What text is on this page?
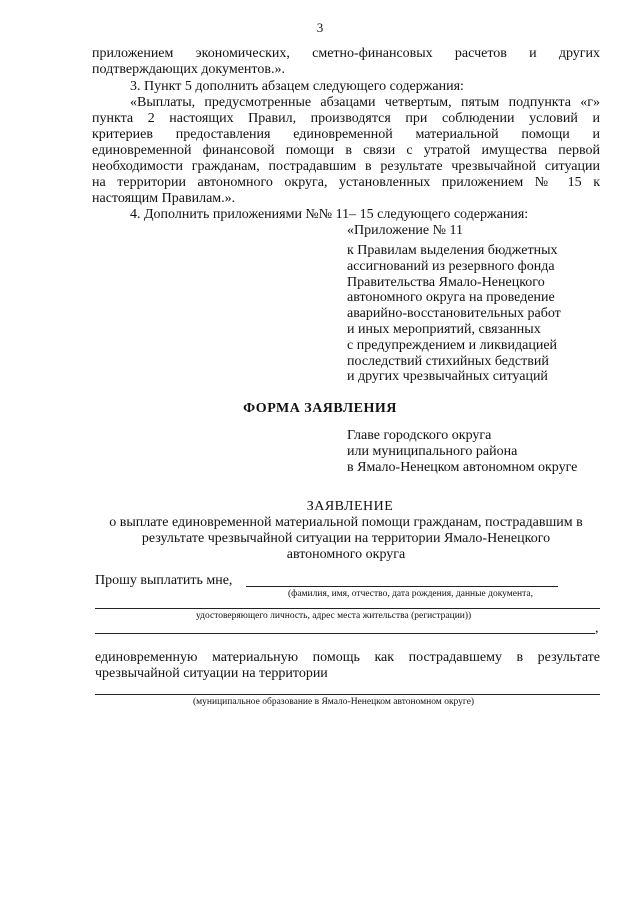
3
приложением экономических, сметно-финансовых расчетов и других
подтверждающих документов.».
3. Пункт 5 дополнить абзацем следующего содержания:
«Выплаты, предусмотренные абзацами четвертым, пятым подпункта «г»
пункта 2 настоящих Правил, производятся при соблюдении условий и
критериев предоставления единовременной материальной помощи и
единовременной финансовой помощи в связи с утратой имущества первой
необходимости гражданам, пострадавшим в результате чрезвычайной ситуации
на территории автономного округа, установленных приложением № 15 к
настоящим Правилам.».
4. Дополнить приложениями №№ 11– 15 следующего содержания:
«Приложение № 11
к Правилам выделения бюджетных
ассигнований из резервного фонда
Правительства Ямало-Ненецкого
автономного округа на проведение
аварийно-восстановительных работ
и иных мероприятий, связанных
с предупреждением и ликвидацией
последствий стихийных бедствий
и других чрезвычайных ситуаций
ФОРМА ЗАЯВЛЕНИЯ
Главе городского округа
или муниципального района
в Ямало-Ненецком автономном округе
ЗАЯВЛЕНИЕ
о выплате единовременной материальной помощи гражданам, пострадавшим в
результате чрезвычайной ситуации на территории Ямало-Ненецкого
автономного округа
Прошу выплатить мне,
(фамилия, имя, отчество, дата рождения, данные документа,
удостоверяющего личность, адрес места жительства (регистрации))
,
единовременную материальную помощь как пострадавшему в результате
чрезвычайной ситуации на территории
(муниципальное образование в Ямало-Ненецком автономном округе)
